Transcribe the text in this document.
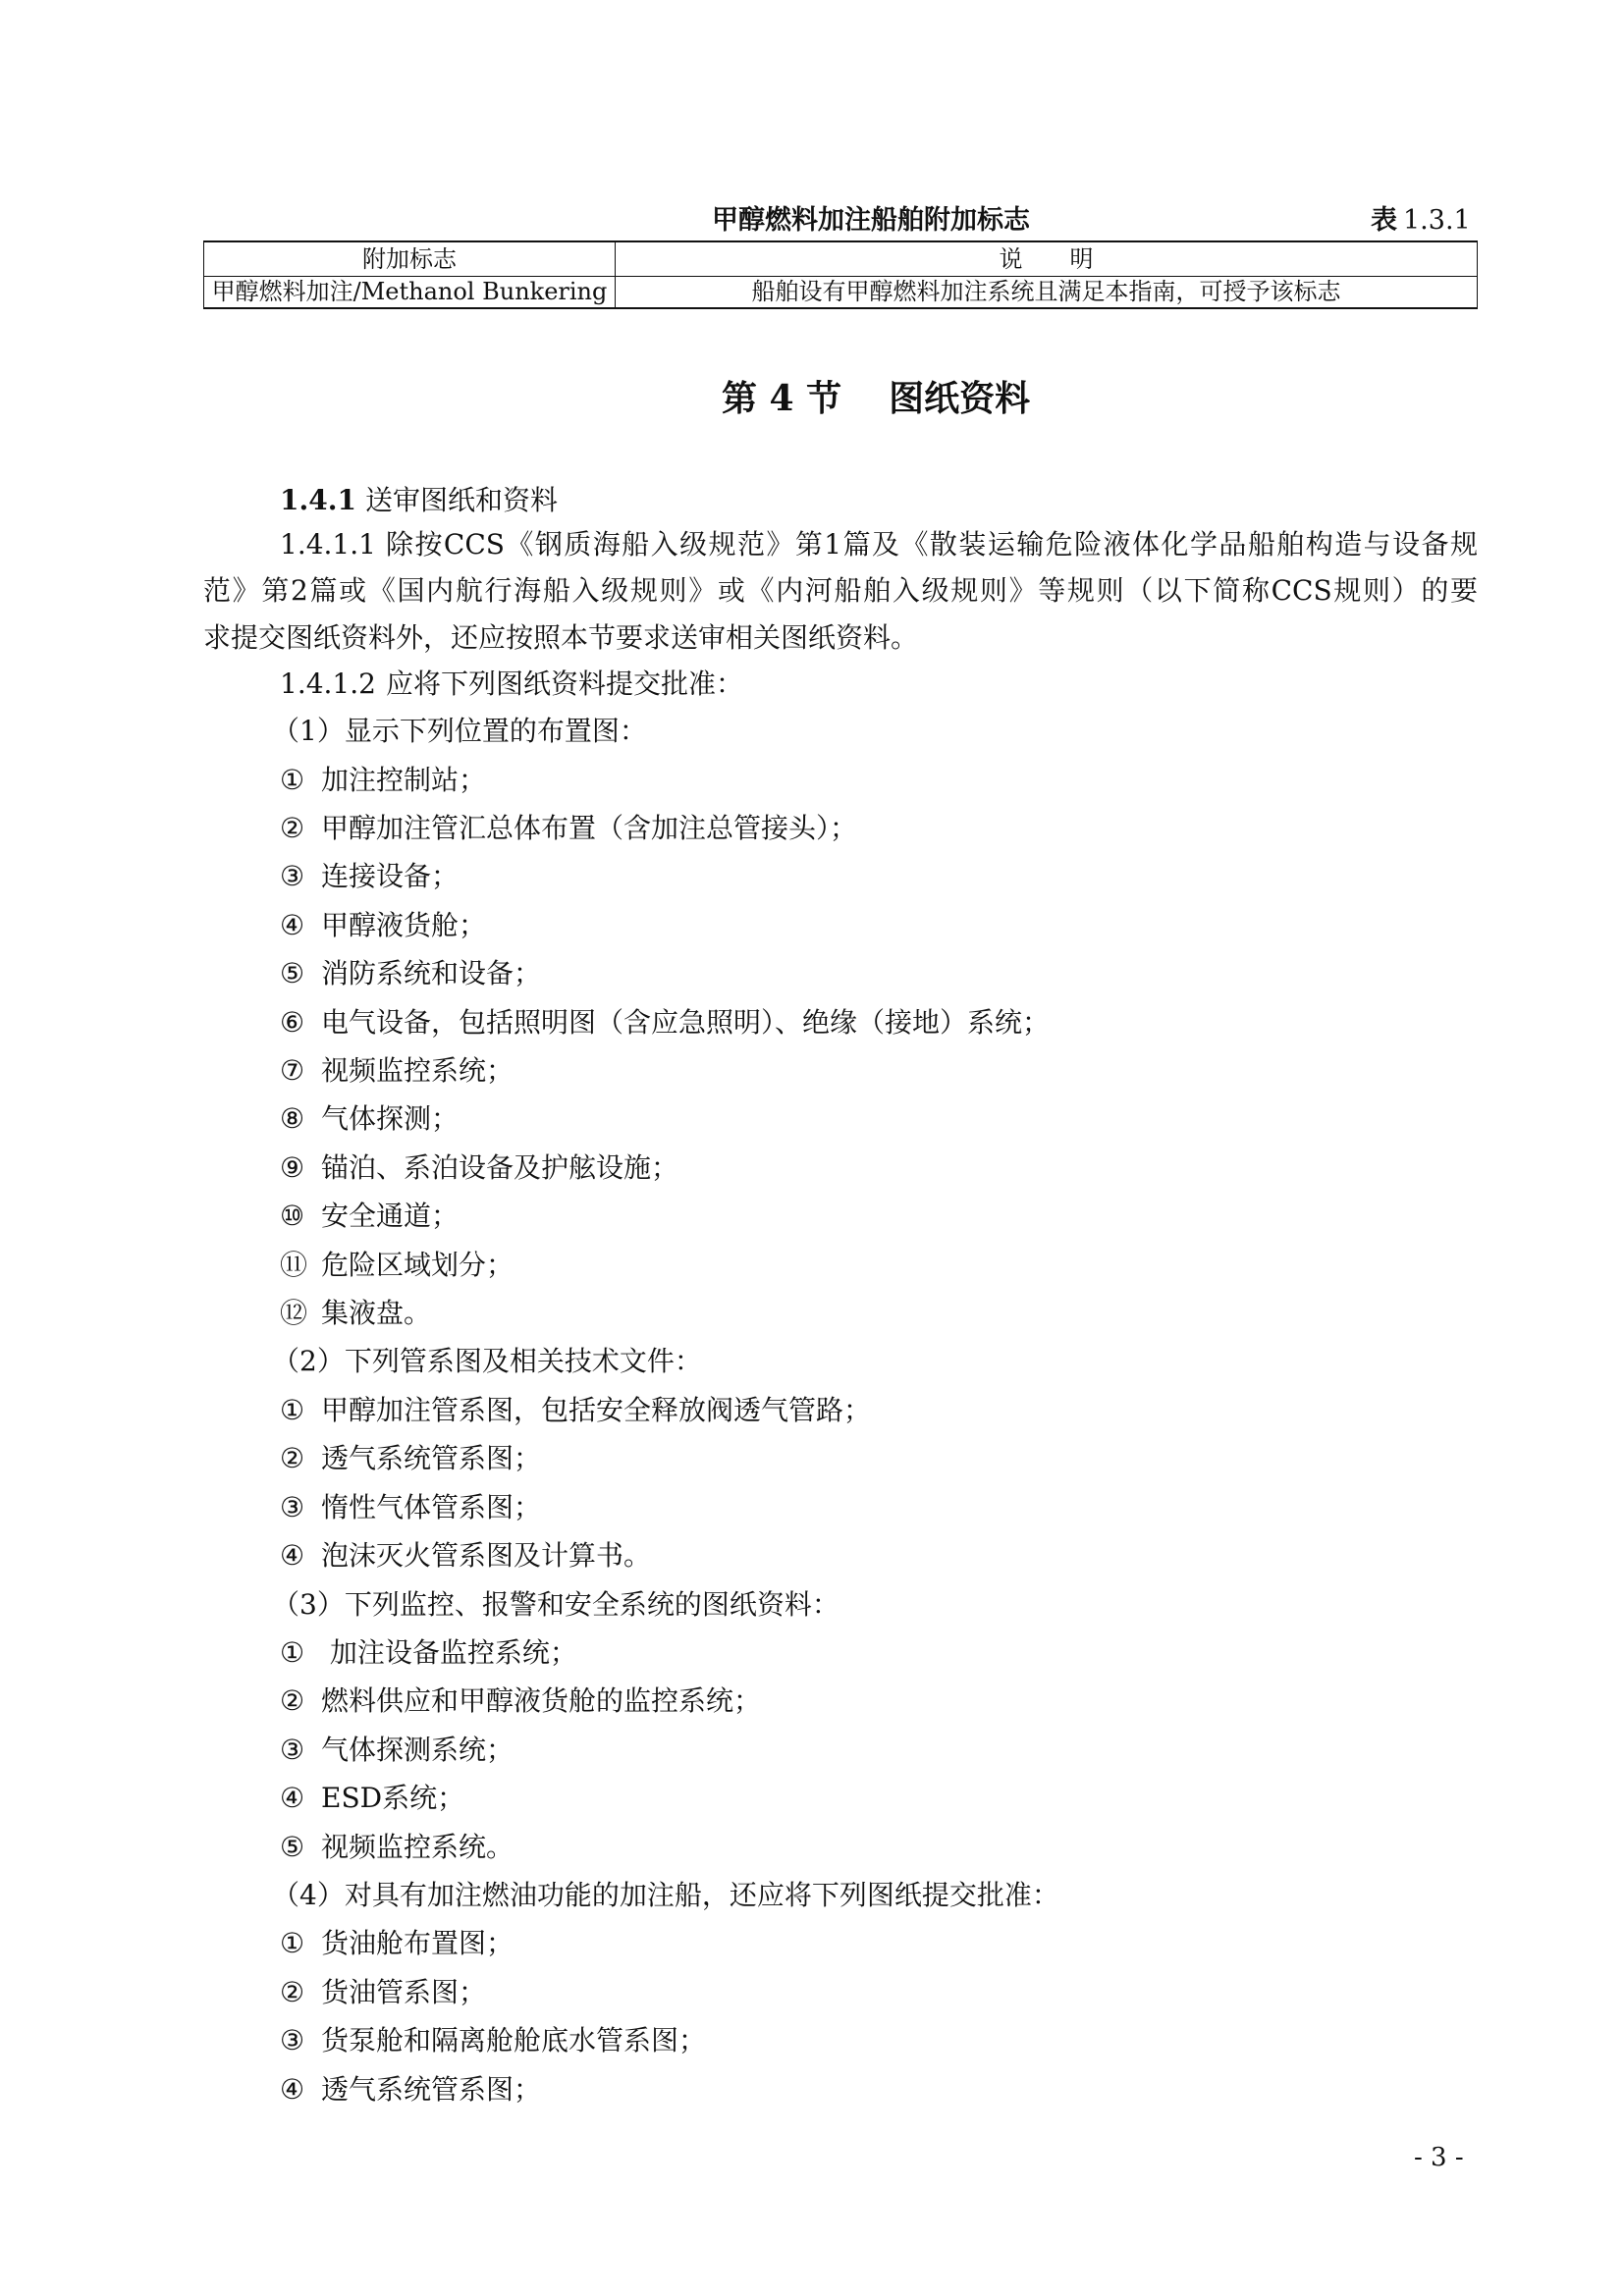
甲醇燃料加注船舶附加标志	表 1.3.1
附加标志	说　　明
甲醇燃料加注/Methanol Bunkering	船舶设有甲醇燃料加注系统且满足本指南，可授予该标志
第 4 节 图纸资料
1.4.1 送审图纸和资料
1.4.1.1 除按CCS《钢质海船入级规范》第1篇及《散装运输危险液体化学品船舶构造与设备规
范》第2篇或《国内航行海船入级规则》或《内河船舶入级规则》等规则（以下简称CCS规则）的要
求提交图纸资料外，还应按照本节要求送审相关图纸资料。
1.4.1.2 应将下列图纸资料提交批准：
（1）显示下列位置的布置图：
① 加注控制站；
② 甲醇加注管汇总体布置（含加注总管接头）；
③ 连接设备；
④ 甲醇液货舱；
⑤ 消防系统和设备；
⑥ 电气设备，包括照明图（含应急照明）、绝缘（接地）系统；
⑦ 视频监控系统；
⑧ 气体探测；
⑨ 锚泊、系泊设备及护舷设施；
⑩ 安全通道；
⑪ 危险区域划分；
⑫ 集液盘。
（2）下列管系图及相关技术文件：
① 甲醇加注管系图，包括安全释放阀透气管路；
② 透气系统管系图；
③ 惰性气体管系图；
④ 泡沫灭火管系图及计算书。
（3）下列监控、报警和安全系统的图纸资料：
① 加注设备监控系统；
② 燃料供应和甲醇液货舱的监控系统；
③ 气体探测系统；
④ ESD系统；
⑤ 视频监控系统。
（4）对具有加注燃油功能的加注船，还应将下列图纸提交批准：
① 货油舱布置图；
② 货油管系图；
③ 货泵舱和隔离舱舱底水管系图；
④ 透气系统管系图；
- 3 -
